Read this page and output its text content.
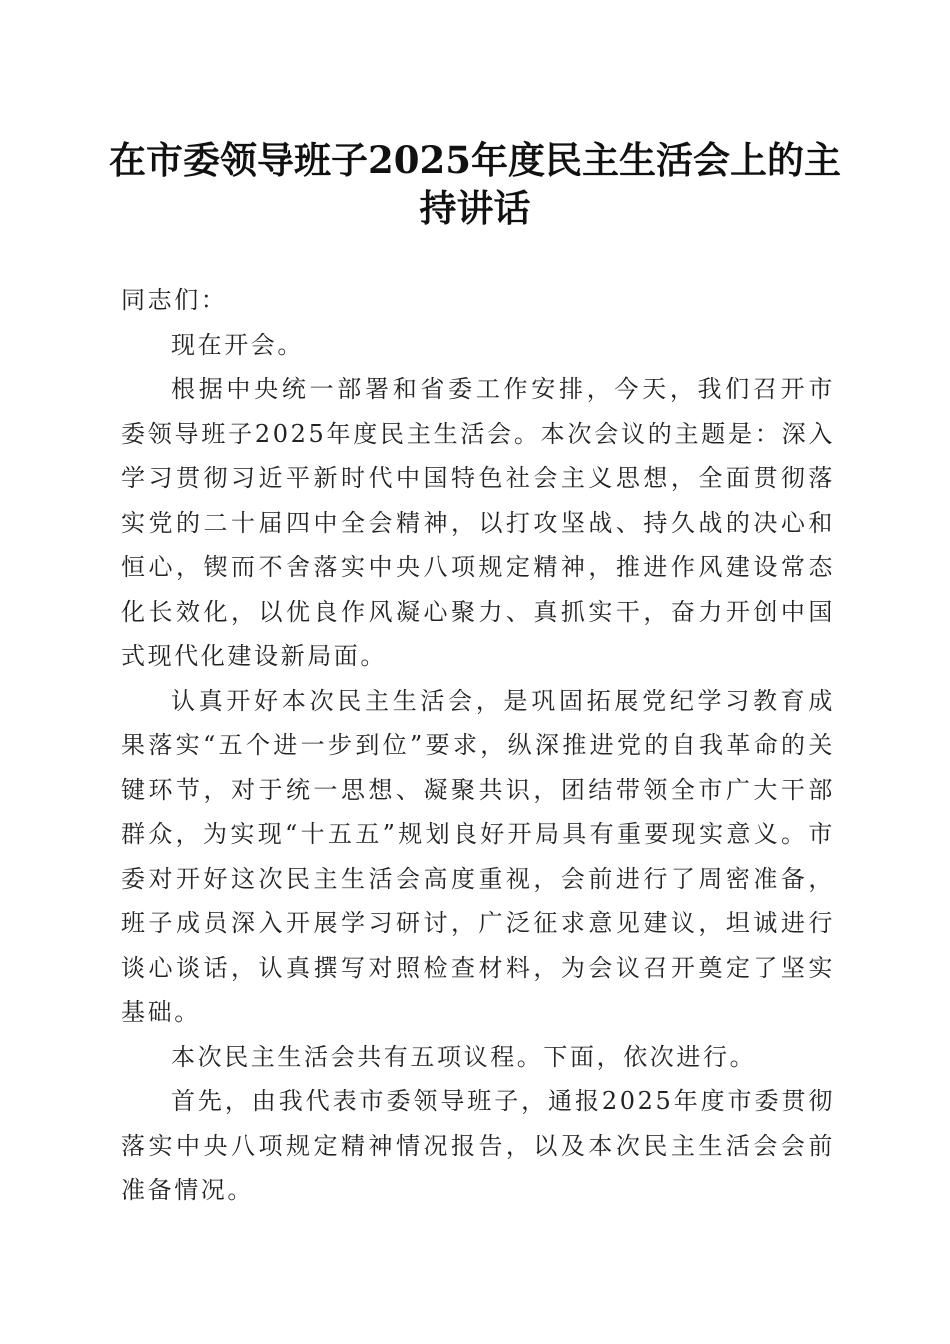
在市委领导班子2025年度民主生活会上的主持讲话

同志们：

现在开会。

根据中央统一部署和省委工作安排，今天，我们召开市委领导班子2025年度民主生活会。本次会议的主题是：深入学习贯彻习近平新时代中国特色社会主义思想，全面贯彻落实党的二十届四中全会精神，以打攻坚战、持久战的决心和恒心，锲而不舍落实中央八项规定精神，推进作风建设常态化长效化，以优良作风凝心聚力、真抓实干，奋力开创中国式现代化建设新局面。

认真开好本次民主生活会，是巩固拓展党纪学习教育成果落实“五个进一步到位”要求，纵深推进党的自我革命的关键环节，对于统一思想、凝聚共识，团结带领全市广大干部群众，为实现“十五五”规划良好开局具有重要现实意义。市委对开好这次民主生活会高度重视，会前进行了周密准备，班子成员深入开展学习研讨，广泛征求意见建议，坦诚进行谈心谈话，认真撰写对照检查材料，为会议召开奠定了坚实基础。

本次民主生活会共有五项议程。下面，依次进行。

首先，由我代表市委领导班子，通报2025年度市委贯彻落实中央八项规定精神情况报告，以及本次民主生活会会前准备情况。
